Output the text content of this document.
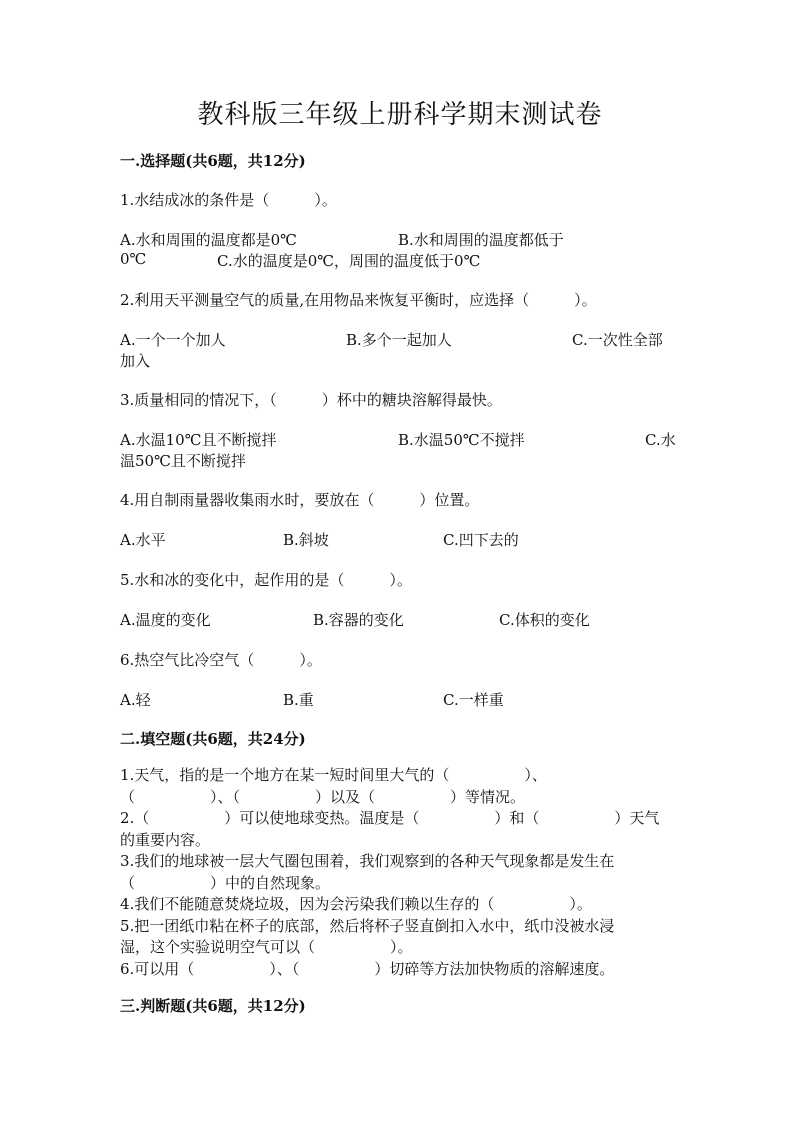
教科版三年级上册科学期末测试卷
一.选择题(共6题，共12分)
1.水结成冰的条件是（　　　）。
A.水和周围的温度都是0℃	B.水和周围的温度都低于
0℃	C.水的温度是0℃，周围的温度低于0℃
2.利用天平测量空气的质量,在用物品来恢复平衡时，应选择（　　　）。
A.一个一个加人	B.多个一起加人	C.一次性全部
加入
3.质量相同的情况下，（　　　）杯中的糖块溶解得最快。
A.水温10℃且不断搅拌	B.水温50℃不搅拌	C.水
温50℃且不断搅拌
4.用自制雨量器收集雨水时，要放在（　　　）位置。
A.水平	B.斜坡	C.凹下去的
5.水和冰的变化中，起作用的是（　　　）。
A.温度的变化	B.容器的变化	C.体积的变化
6.热空气比冷空气（　　　）。
A.轻	B.重	C.一样重
二.填空题(共6题，共24分)
1.天气，指的是一个地方在某一短时间里大气的（　　　　　）、
（　　　　　）、（　　　　　）以及（　　　　　）等情况。
2.（　　　　　）可以使地球变热。温度是（　　　　　）和（　　　　　）天气
的重要内容。
3.我们的地球被一层大气圈包围着，我们观察到的各种天气现象都是发生在
（　　　　　）中的自然现象。
4.我们不能随意焚烧垃圾，因为会污染我们赖以生存的（　　　　　）。
5.把一团纸巾粘在杯子的底部，然后将杯子竖直倒扣入水中，纸巾没被水浸
湿，这个实验说明空气可以（　　　　　）。
6.可以用（　　　　　）、（　　　　　）切碎等方法加快物质的溶解速度。
三.判断题(共6题，共12分)
